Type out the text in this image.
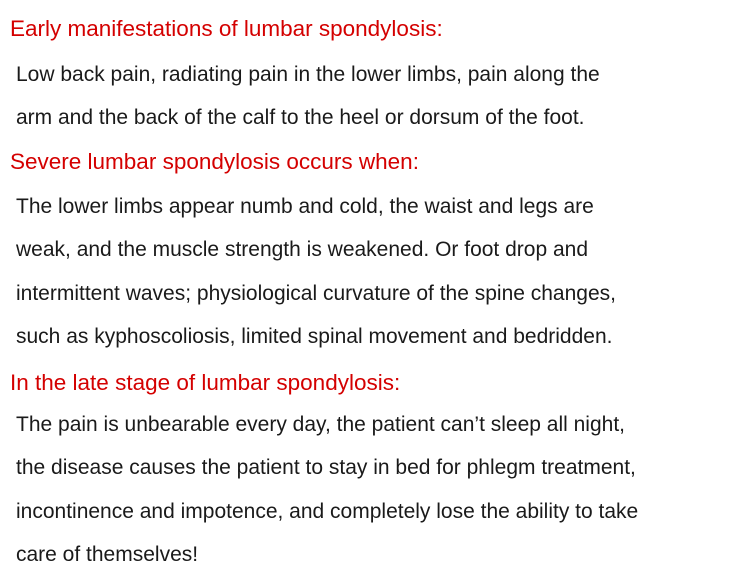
Early manifestations of lumbar spondylosis:

Low back pain, radiating pain in the lower limbs, pain along the

arm and the back of the calf to the heel or dorsum of the foot.

Severe lumbar spondylosis occurs when:

The lower limbs appear numb and cold, the waist and legs are

weak, and the muscle strength is weakened. Or foot drop and

intermittent waves; physiological curvature of the spine changes,

such as kyphoscoliosis, limited spinal movement and bedridden.

In the late stage of lumbar spondylosis:

The pain is unbearable every day, the patient can’t sleep all night,

the disease causes the patient to stay in bed for phlegm treatment,

incontinence and impotence, and completely lose the ability to take

care of themselves!
